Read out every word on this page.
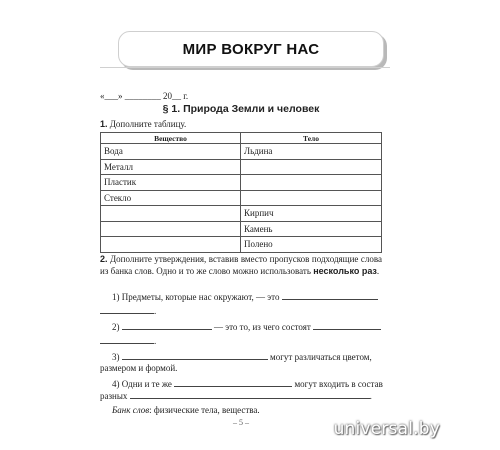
МИР ВОКРУГ НАС
«___» ________ 20__ г.
§ 1. Природа Земли и человек
1. Дополните таблицу.
Вещество	Тело
Вода	Льдина
Металл	
Пластик	
Стекло	
	Кирпич
	Камень
	Полено
2. Дополните утверждения, вставив вместо пропусков подходящие слова из банка слов. Одно и то же слово можно использовать несколько раз.
1) Предметы, которые нас окружают, — это
.
2)	— это то, из чего состоят
.
3)	могут различаться цветом,
размером и формой.
4) Одни и те же	могут входить в состав
разных	.
Банк слов: физические тела, вещества.
– 5 –	universal.by
